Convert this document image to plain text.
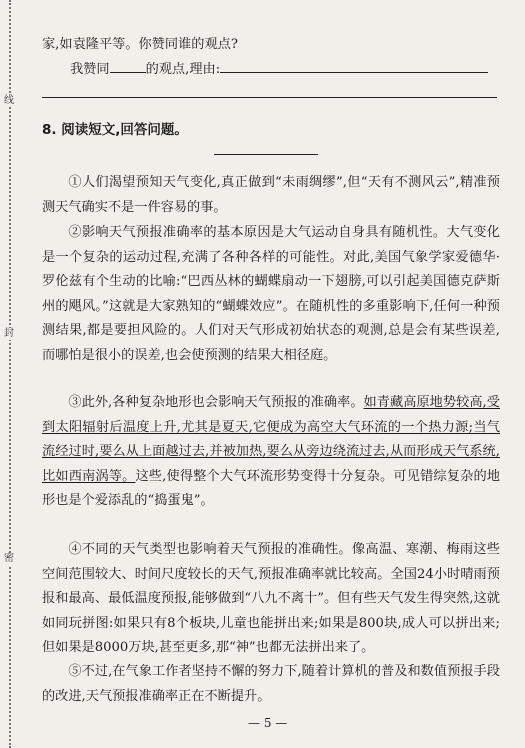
线
封
密
家,如袁隆平等。你赞同谁的观点?
我赞同	的观点,理由:
8. 阅读短文,回答问题。
①人们渴望预知天气变化,真正做到“未雨绸缪”,但“天有不测风云”,精准预测天气确实不是一件容易的事。
②影响天气预报准确率的基本原因是大气运动自身具有随机性。大气变化是一个复杂的运动过程,充满了各种各样的可能性。对此,美国气象学家爱德华·罗伦兹有个生动的比喻:“巴西丛林的蝴蝶扇动一下翅膀,可以引起美国德克萨斯州的飓风。”这就是大家熟知的“蝴蝶效应”。在随机性的多重影响下,任何一种预测结果,都是要担风险的。人们对天气形成初始状态的观测,总是会有某些误差,而哪怕是很小的误差,也会使预测的结果大相径庭。
③此外,各种复杂地形也会影响天气预报的准确率。如青藏高原地势较高,受到太阳辐射后温度上升,尤其是夏天,它便成为高空大气环流的一个热力源;当气流经过时,要么从上面越过去,并被加热,要么从旁边绕流过去,从而形成天气系统,比如西南涡等。这些,使得整个大气环流形势变得十分复杂。可见错综复杂的地形也是个爱添乱的“捣蛋鬼”。
④不同的天气类型也影响着天气预报的准确性。像高温、寒潮、梅雨这些空间范围较大、时间尺度较长的天气,预报准确率就比较高。全国24小时晴雨预报和最高、最低温度预报,能够做到“八九不离十”。但有些天气发生得突然,这就如同玩拼图:如果只有8个板块,儿童也能拼出来;如果是800块,成人可以拼出来;但如果是8000万块,甚至更多,那“神”也都无法拼出来了。
⑤不过,在气象工作者坚持不懈的努力下,随着计算机的普及和数值预报手段的改进,天气预报准确率正在不断提升。
— 5 —
